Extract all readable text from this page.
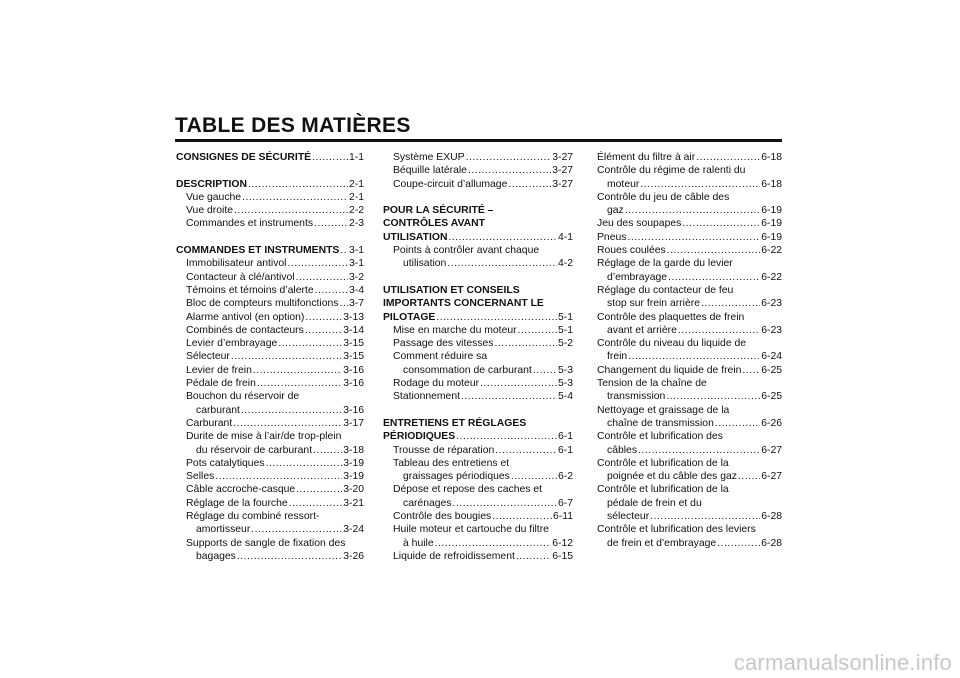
TABLE DES MATIÈRES
CONSIGNES DE SÉCURITÉ .....	1-1
DESCRIPTION .....	2-1
Vue gauche .....	2-1
Vue droite .....	2-2
Commandes et instruments .....	2-3
COMMANDES ET INSTRUMENTS ..... 3-1
Immobilisateur antivol .....	3-1
Contacteur à clé/antivol .....	3-2
Témoins et témoins d’alerte .....	3-4
Bloc de compteurs multifonctions ..... 3-7
Alarme antivol (en option) .....	3-13
Combinés de contacteurs .....	3-14
Levier d’embrayage .....	3-15
Sélecteur .....	3-15
Levier de frein .....	3-16
Pédale de frein .....	3-16
Bouchon du réservoir de
carburant .....	3-16
Carburant .....	3-17
Durite de mise à l’air/de trop-plein
du réservoir de carburant .....	3-18
Pots catalytiques .....	3-19
Selles .....	3-19
Câble accroche-casque .....	3-20
Réglage de la fourche .....	3-21
Réglage du combiné ressort-
amortisseur .....	3-24
Supports de sangle de fixation des
bagages .....	3-26
Système EXUP .....	3-27
Béquille latérale .....	3-27
Coupe-circuit d’allumage .....	3-27
POUR LA SÉCURITÉ –
CONTRÔLES AVANT
UTILISATION .....	4-1
Points à contrôler avant chaque
utilisation .....	4-2
UTILISATION ET CONSEILS
IMPORTANTS CONCERNANT LE
PILOTAGE .....	5-1
Mise en marche du moteur .....	5-1
Passage des vitesses .....	5-2
Comment réduire sa
consommation de carburant .....	5-3
Rodage du moteur .....	5-3
Stationnement .....	5-4
ENTRETIENS ET RÉGLAGES
PÉRIODIQUES .....	6-1
Trousse de réparation .....	6-1
Tableau des entretiens et
graissages périodiques .....	6-2
Dépose et repose des caches et
carénages .....	6-7
Contrôle des bougies .....	6-11
Huile moteur et cartouche du filtre
à huile .....	6-12
Liquide de refroidissement .....	6-15
Élément du filtre à air .....	6-18
Contrôle du régime de ralenti du
moteur .....	6-18
Contrôle du jeu de câble des
gaz .....	6-19
Jeu des soupapes .....	6-19
Pneus .....	6-19
Roues coulées .....	6-22
Réglage de la garde du levier
d’embrayage .....	6-22
Réglage du contacteur de feu
stop sur frein arrière .....	6-23
Contrôle des plaquettes de frein
avant et arrière .....	6-23
Contrôle du niveau du liquide de
frein .....	6-24
Changement du liquide de frein ..... 6-25
Tension de la chaîne de
transmission .....	6-25
Nettoyage et graissage de la
chaîne de transmission .....	6-26
Contrôle et lubrification des
câbles .....	6-27
Contrôle et lubrification de la
poignée et du câble des gaz ..... 6-27
Contrôle et lubrification de la
pédale de frein et du
sélecteur .....	6-28
Contrôle et lubrification des leviers
de frein et d’embrayage .....	6-28
carmanualsonline.info
